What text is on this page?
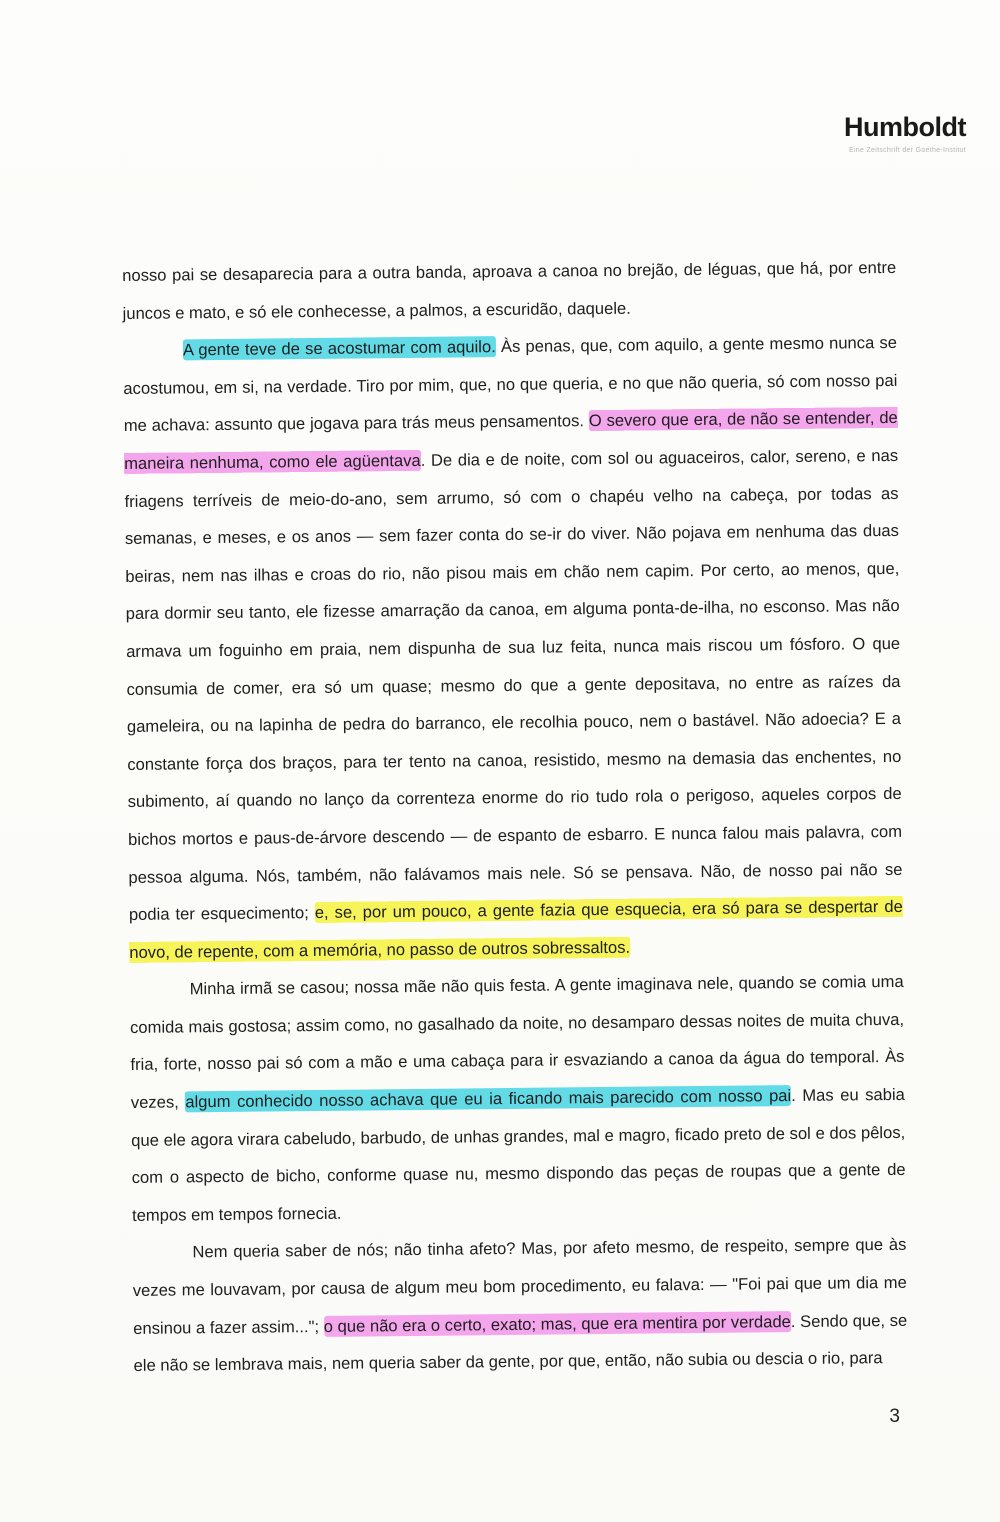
Humboldt
Eine Zeitschrift der Goethe-Institut

nosso pai se desaparecia para a outra banda, aproava a canoa no brejão, de léguas, que há, por entre juncos e mato, e só ele conhecesse, a palmos, a escuridão, daquele.

A gente teve de se acostumar com aquilo. Às penas, que, com aquilo, a gente mesmo nunca se acostumou, em si, na verdade. Tiro por mim, que, no que queria, e no que não queria, só com nosso pai me achava: assunto que jogava para trás meus pensamentos. O severo que era, de não se entender, de maneira nenhuma, como ele agüentava. De dia e de noite, com sol ou aguaceiros, calor, sereno, e nas friagens terríveis de meio-do-ano, sem arrumo, só com o chapéu velho na cabeça, por todas as semanas, e meses, e os anos — sem fazer conta do se-ir do viver. Não pojava em nenhuma das duas beiras, nem nas ilhas e croas do rio, não pisou mais em chão nem capim. Por certo, ao menos, que, para dormir seu tanto, ele fizesse amarração da canoa, em alguma ponta-de-ilha, no esconso. Mas não armava um foguinho em praia, nem dispunha de sua luz feita, nunca mais riscou um fósforo. O que consumia de comer, era só um quase; mesmo do que a gente depositava, no entre as raízes da gameleira, ou na lapinha de pedra do barranco, ele recolhia pouco, nem o bastável. Não adoecia? E a constante força dos braços, para ter tento na canoa, resistido, mesmo na demasia das enchentes, no subimento, aí quando no lanço da correnteza enorme do rio tudo rola o perigoso, aqueles corpos de bichos mortos e paus-de-árvore descendo — de espanto de esbarro. E nunca falou mais palavra, com pessoa alguma. Nós, também, não falávamos mais nele. Só se pensava. Não, de nosso pai não se podia ter esquecimento; e, se, por um pouco, a gente fazia que esquecia, era só para se despertar de novo, de repente, com a memória, no passo de outros sobressaltos.

Minha irmã se casou; nossa mãe não quis festa. A gente imaginava nele, quando se comia uma comida mais gostosa; assim como, no gasalhado da noite, no desamparo dessas noites de muita chuva, fria, forte, nosso pai só com a mão e uma cabaça para ir esvaziando a canoa da água do temporal. Às vezes, algum conhecido nosso achava que eu ia ficando mais parecido com nosso pai. Mas eu sabia que ele agora virara cabeludo, barbudo, de unhas grandes, mal e magro, ficado preto de sol e dos pêlos, com o aspecto de bicho, conforme quase nu, mesmo dispondo das peças de roupas que a gente de tempos em tempos fornecia.

Nem queria saber de nós; não tinha afeto? Mas, por afeto mesmo, de respeito, sempre que às vezes me louvavam, por causa de algum meu bom procedimento, eu falava: — "Foi pai que um dia me ensinou a fazer assim..."; o que não era o certo, exato; mas, que era mentira por verdade. Sendo que, se ele não se lembrava mais, nem queria saber da gente, por que, então, não subia ou descia o rio, para

3
